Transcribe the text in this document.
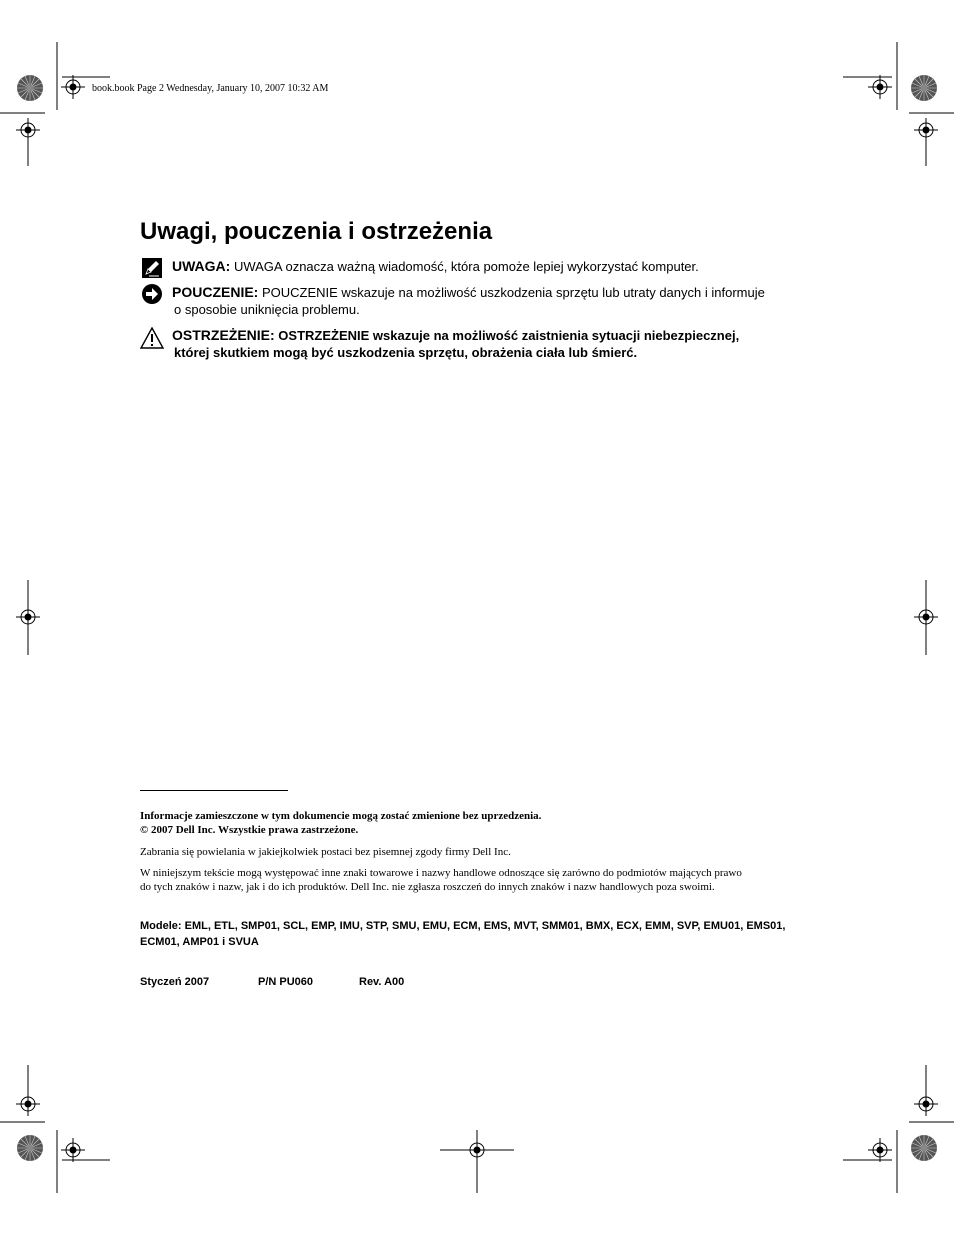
book.book Page 2 Wednesday, January 10, 2007 10:32 AM
Uwagi, pouczenia i ostrzeżenia
UWAGA: UWAGA oznacza ważną wiadomość, która pomoże lepiej wykorzystać komputer.
POUCZENIE: POUCZENIE wskazuje na możliwość uszkodzenia sprzętu lub utraty danych i informuje
o sposobie uniknięcia problemu.
OSTRZEŻENIE: OSTRZEŻENIE wskazuje na możliwość zaistnienia sytuacji niebezpiecznej,
której skutkiem mogą być uszkodzenia sprzętu, obrażenia ciała lub śmierć.
Informacje zamieszczone w tym dokumencie mogą zostać zmienione bez uprzedzenia.
© 2007 Dell Inc. Wszystkie prawa zastrzeżone.
Zabrania się powielania w jakiejkolwiek postaci bez pisemnej zgody firmy Dell Inc.
W niniejszym tekście mogą występować inne znaki towarowe i nazwy handlowe odnoszące się zarówno do podmiotów mających prawo
do tych znaków i nazw, jak i do ich produktów. Dell Inc. nie zgłasza roszczeń do innych znaków i nazw handlowych poza swoimi.
Modele: EML, ETL, SMP01, SCL, EMP, IMU, STP, SMU, EMU, ECM, EMS, MVT, SMM01, BMX, ECX, EMM, SVP, EMU01, EMS01,
ECM01, AMP01 i SVUA
Styczeń 2007	P/N PU060	Rev. A00
